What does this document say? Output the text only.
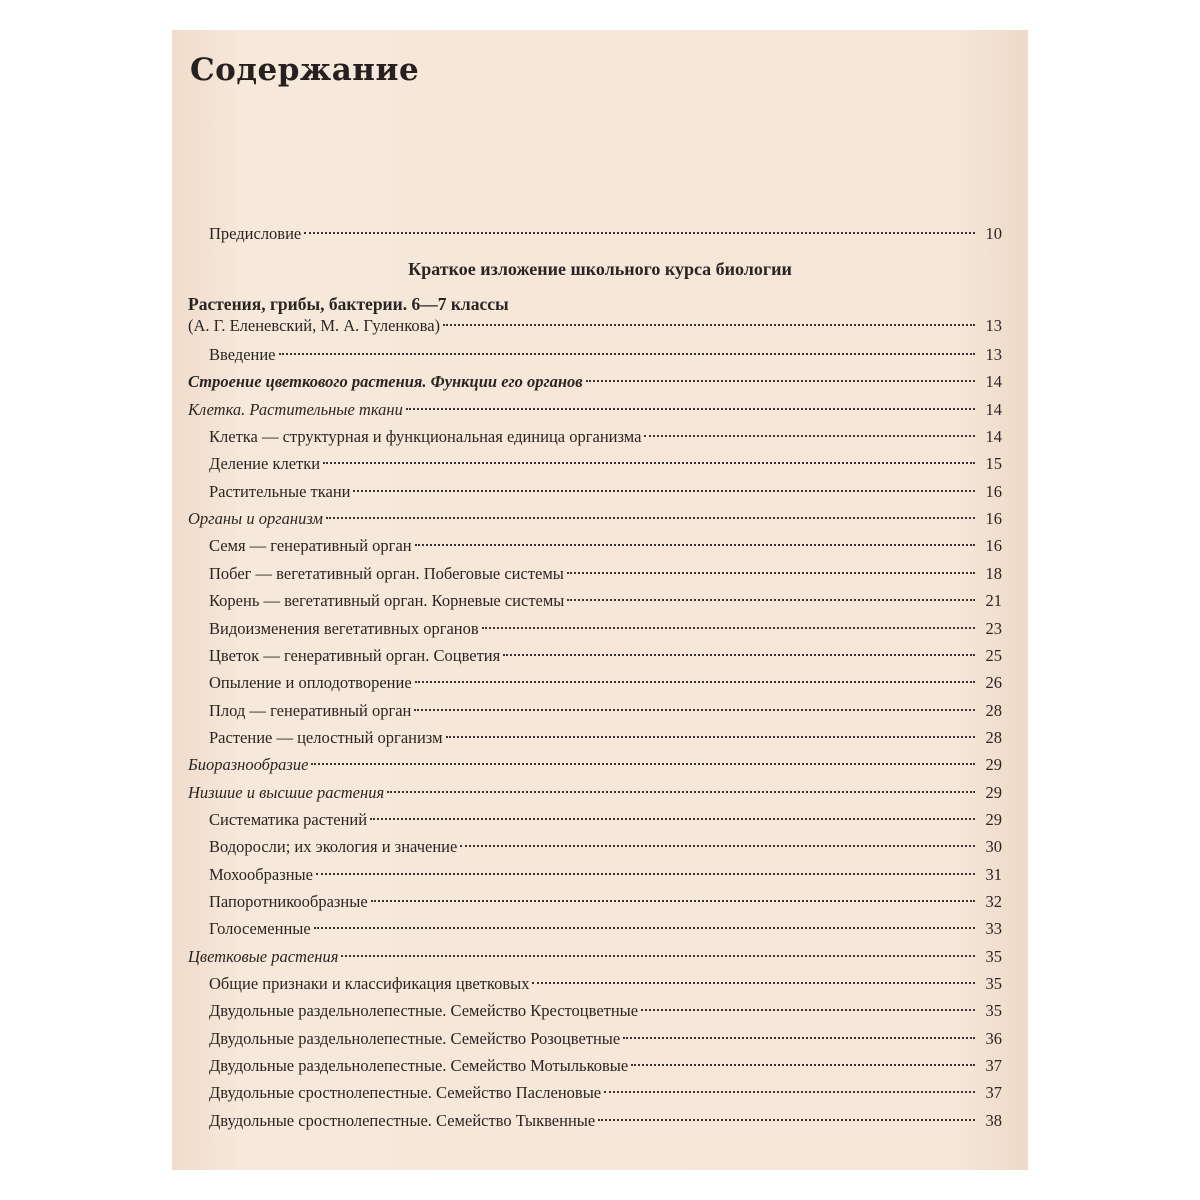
Содержание
Предисловие	10
Краткое изложение школьного курса биологии
Растения, грибы, бактерии. 6—7 классы
(А. Г. Еленевский, М. А. Гуленкова)	13
Введение	13
Строение цветкового растения. Функции его органов	14
Клетка. Растительные ткани	14
Клетка — структурная и функциональная единица организма	14
Деление клетки	15
Растительные ткани	16
Органы и организм	16
Семя — генеративный орган	16
Побег — вегетативный орган. Побеговые системы	18
Корень — вегетативный орган. Корневые системы	21
Видоизменения вегетативных органов	23
Цветок — генеративный орган. Соцветия	25
Опыление и оплодотворение	26
Плод — генеративный орган	28
Растение — целостный организм	28
Биоразнообразие	29
Низшие и высшие растения	29
Систематика растений	29
Водоросли; их экология и значение	30
Мохообразные	31
Папоротникообразные	32
Голосеменные	33
Цветковые растения	35
Общие признаки и классификация цветковых	35
Двудольные раздельнолепестные. Семейство Крестоцветные	35
Двудольные раздельнолепестные. Семейство Розоцветные	36
Двудольные раздельнолепестные. Семейство Мотыльковые	37
Двудольные сростнолепестные. Семейство Пасленовые	37
Двудольные сростнолепестные. Семейство Тыквенные	38
